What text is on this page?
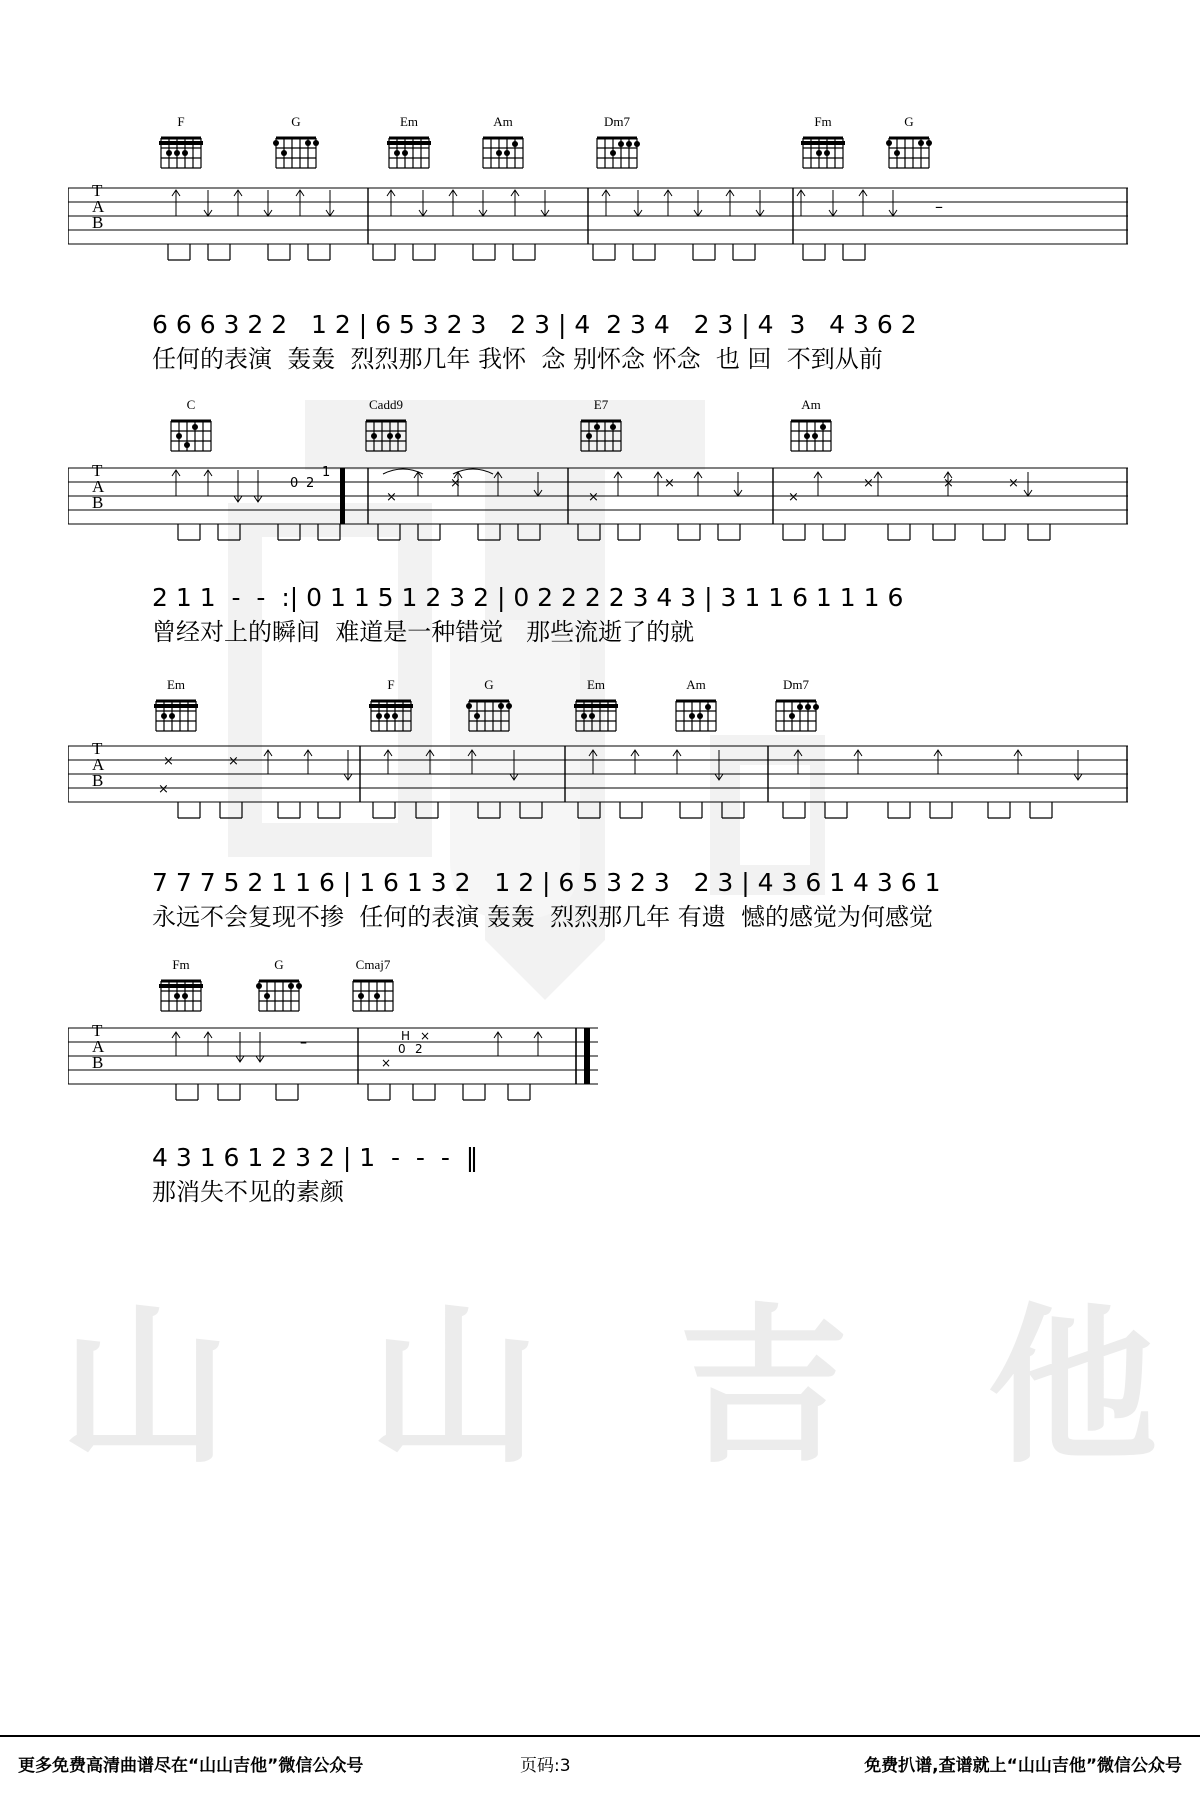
山 山 吉 他
F	G	Em	Am	Dm7	Fm	G
T
A
B
–
6 6 6 3 2 2   1 2 | 6 5 3 2 3   2 3 | 4  2 3 4   2 3 | 4  3   4 3 6 2
任何的表演  轰轰  烈烈那几年 我怀  念 别怀念 怀念  也 回  不到从前
C	Cadd9	E7	Am
T
A
B
0 2
1
×
×
×
×
×
×	×	×
2 1 1  -  -  :| 0 1 1 5 1 2 3 2 | 0 2 2 2 2 3 4 3 | 3 1 1 6 1 1 1 6
曾经对上的瞬间  难道是一种错觉   那些流逝了的就
Em	F	G	Em	Am	Dm7
T
A
B
×	×
×
7 7 7 5 2 1 1 6 | 1 6 1 3 2   1 2 | 6 5 3 2 3   2 3 | 4 3 6 1 4 3 6 1
永远不会复现不掺  任何的表演 轰轰  烈烈那几年 有遗  憾的感觉为何感觉
Fm	G	Cmaj7
T
A
B
–	H ×
0 2
×
4 3 1 6 1 2 3 2 | 1  -  -  -  ‖
那消失不见的素颜
更多免费高清曲谱尽在“山山吉他”微信公众号	页码:3	免费扒谱,查谱就上“山山吉他”微信公众号
